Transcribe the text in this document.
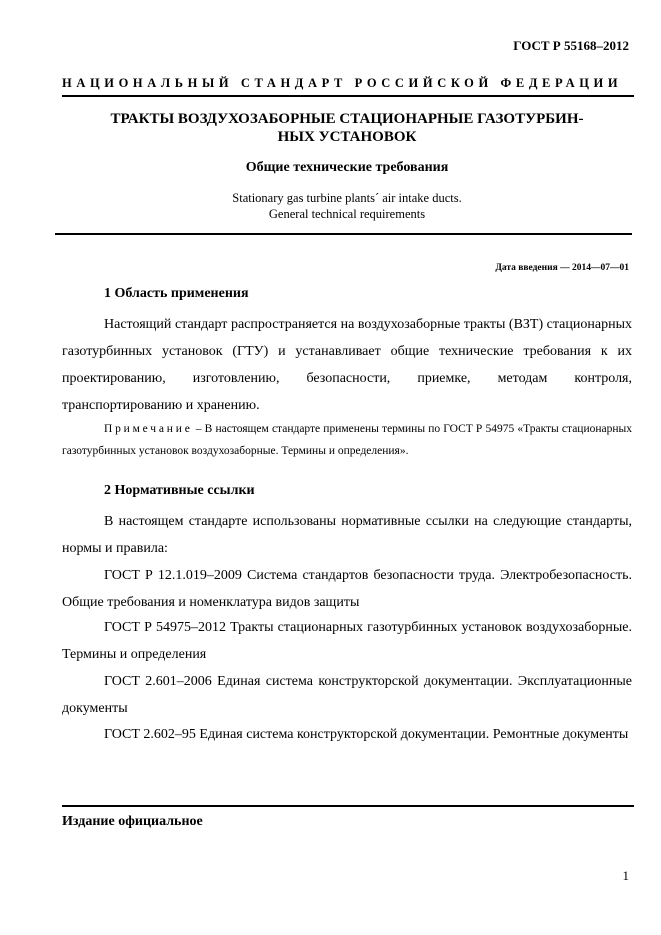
ГОСТ Р 55168–2012
НАЦИОНАЛЬНЫЙ СТАНДАРТ РОССИЙСКОЙ ФЕДЕРАЦИИ
ТРАКТЫ ВОЗДУХОЗАБОРНЫЕ СТАЦИОНАРНЫЕ ГАЗОТУРБИН-
НЫХ УСТАНОВОК
Общие технические требования
Stationary gas turbine plants´ air intake ducts.
General technical requirements
Дата введения — 2014—07—01
1 Область применения
Настоящий стандарт распространяется на воздухозаборные тракты (ВЗТ) стационарных газотурбинных установок (ГТУ) и устанавливает общие технические требования к их проектированию, изготовлению, безопасности, приемке, методам контроля, транспортированию и хранению.
Примечание – В настоящем стандарте применены термины по ГОСТ Р 54975 «Тракты стационарных газотурбинных установок воздухозаборные. Термины и определения».
2 Нормативные ссылки
В настоящем стандарте использованы нормативные ссылки на следующие стандарты, нормы и правила:
ГОСТ Р 12.1.019–2009 Система стандартов безопасности труда. Электробезопасность. Общие требования и номенклатура видов защиты
ГОСТ Р 54975–2012 Тракты стационарных газотурбинных установок воздухозаборные. Термины и определения
ГОСТ 2.601–2006 Единая система конструкторской документации. Эксплуатационные документы
ГОСТ 2.602–95 Единая система конструкторской документации. Ремонтные документы
Издание официальное
1
